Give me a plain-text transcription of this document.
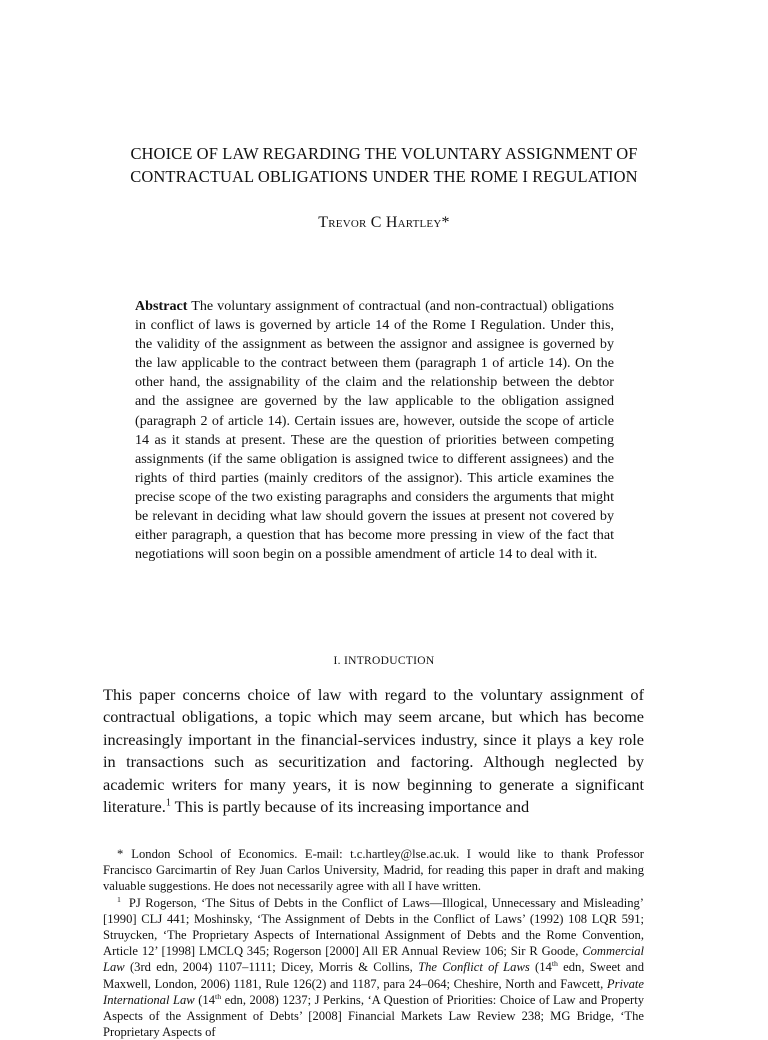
CHOICE OF LAW REGARDING THE VOLUNTARY ASSIGNMENT OF
CONTRACTUAL OBLIGATIONS UNDER THE ROME I REGULATION
Trevor C Hartley*
Abstract The voluntary assignment of contractual (and non-contractual) obligations in conflict of laws is governed by article 14 of the Rome I Regulation. Under this, the validity of the assignment as between the assignor and assignee is governed by the law applicable to the contract between them (paragraph 1 of article 14). On the other hand, the assignability of the claim and the relationship between the debtor and the assignee are governed by the law applicable to the obligation assigned (paragraph 2 of article 14). Certain issues are, however, outside the scope of article 14 as it stands at present. These are the question of priorities between competing assignments (if the same obligation is assigned twice to different assignees) and the rights of third parties (mainly creditors of the assignor). This article examines the precise scope of the two existing paragraphs and considers the arguments that might be relevant in deciding what law should govern the issues at present not covered by either paragraph, a question that has become more pressing in view of the fact that negotiations will soon begin on a possible amendment of article 14 to deal with it.
I. INTRODUCTION
This paper concerns choice of law with regard to the voluntary assignment of contractual obligations, a topic which may seem arcane, but which has become increasingly important in the financial-services industry, since it plays a key role in transactions such as securitization and factoring. Although neglected by academic writers for many years, it is now beginning to generate a significant literature.$^1$ This is partly because of its increasing importance and

* London School of Economics. E-mail: t.c.hartley@lse.ac.uk. I would like to thank Professor Francisco Garcimartin of Rey Juan Carlos University, Madrid, for reading this paper in draft and making valuable suggestions. He does not necessarily agree with all I have written.

$^1$ PJ Rogerson, ‘The Situs of Debts in the Conflict of Laws—Illogical, Unnecessary and Misleading’ [1990] CLJ 441; Moshinsky, ‘The Assignment of Debts in the Conflict of Laws’ (1992) 108 LQR 591; Struycken, ‘The Proprietary Aspects of International Assignment of Debts and the Rome Convention, Article 12’ [1998] LMCLQ 345; Rogerson [2000] All ER Annual Review 106; Sir R Goode, Commercial Law (3rd edn, 2004) 1107–1111; Dicey, Morris & Collins, The Conflict of Laws (14th edn, Sweet and Maxwell, London, 2006) 1181, Rule 126(2) and 1187, para 24–064; Cheshire, North and Fawcett, Private International Law (14th edn, 2008) 1237; J Perkins, ‘A Question of Priorities: Choice of Law and Property Aspects of the Assignment of Debts’ [2008] Financial Markets Law Review 238; MG Bridge, ‘The Proprietary Aspects of
